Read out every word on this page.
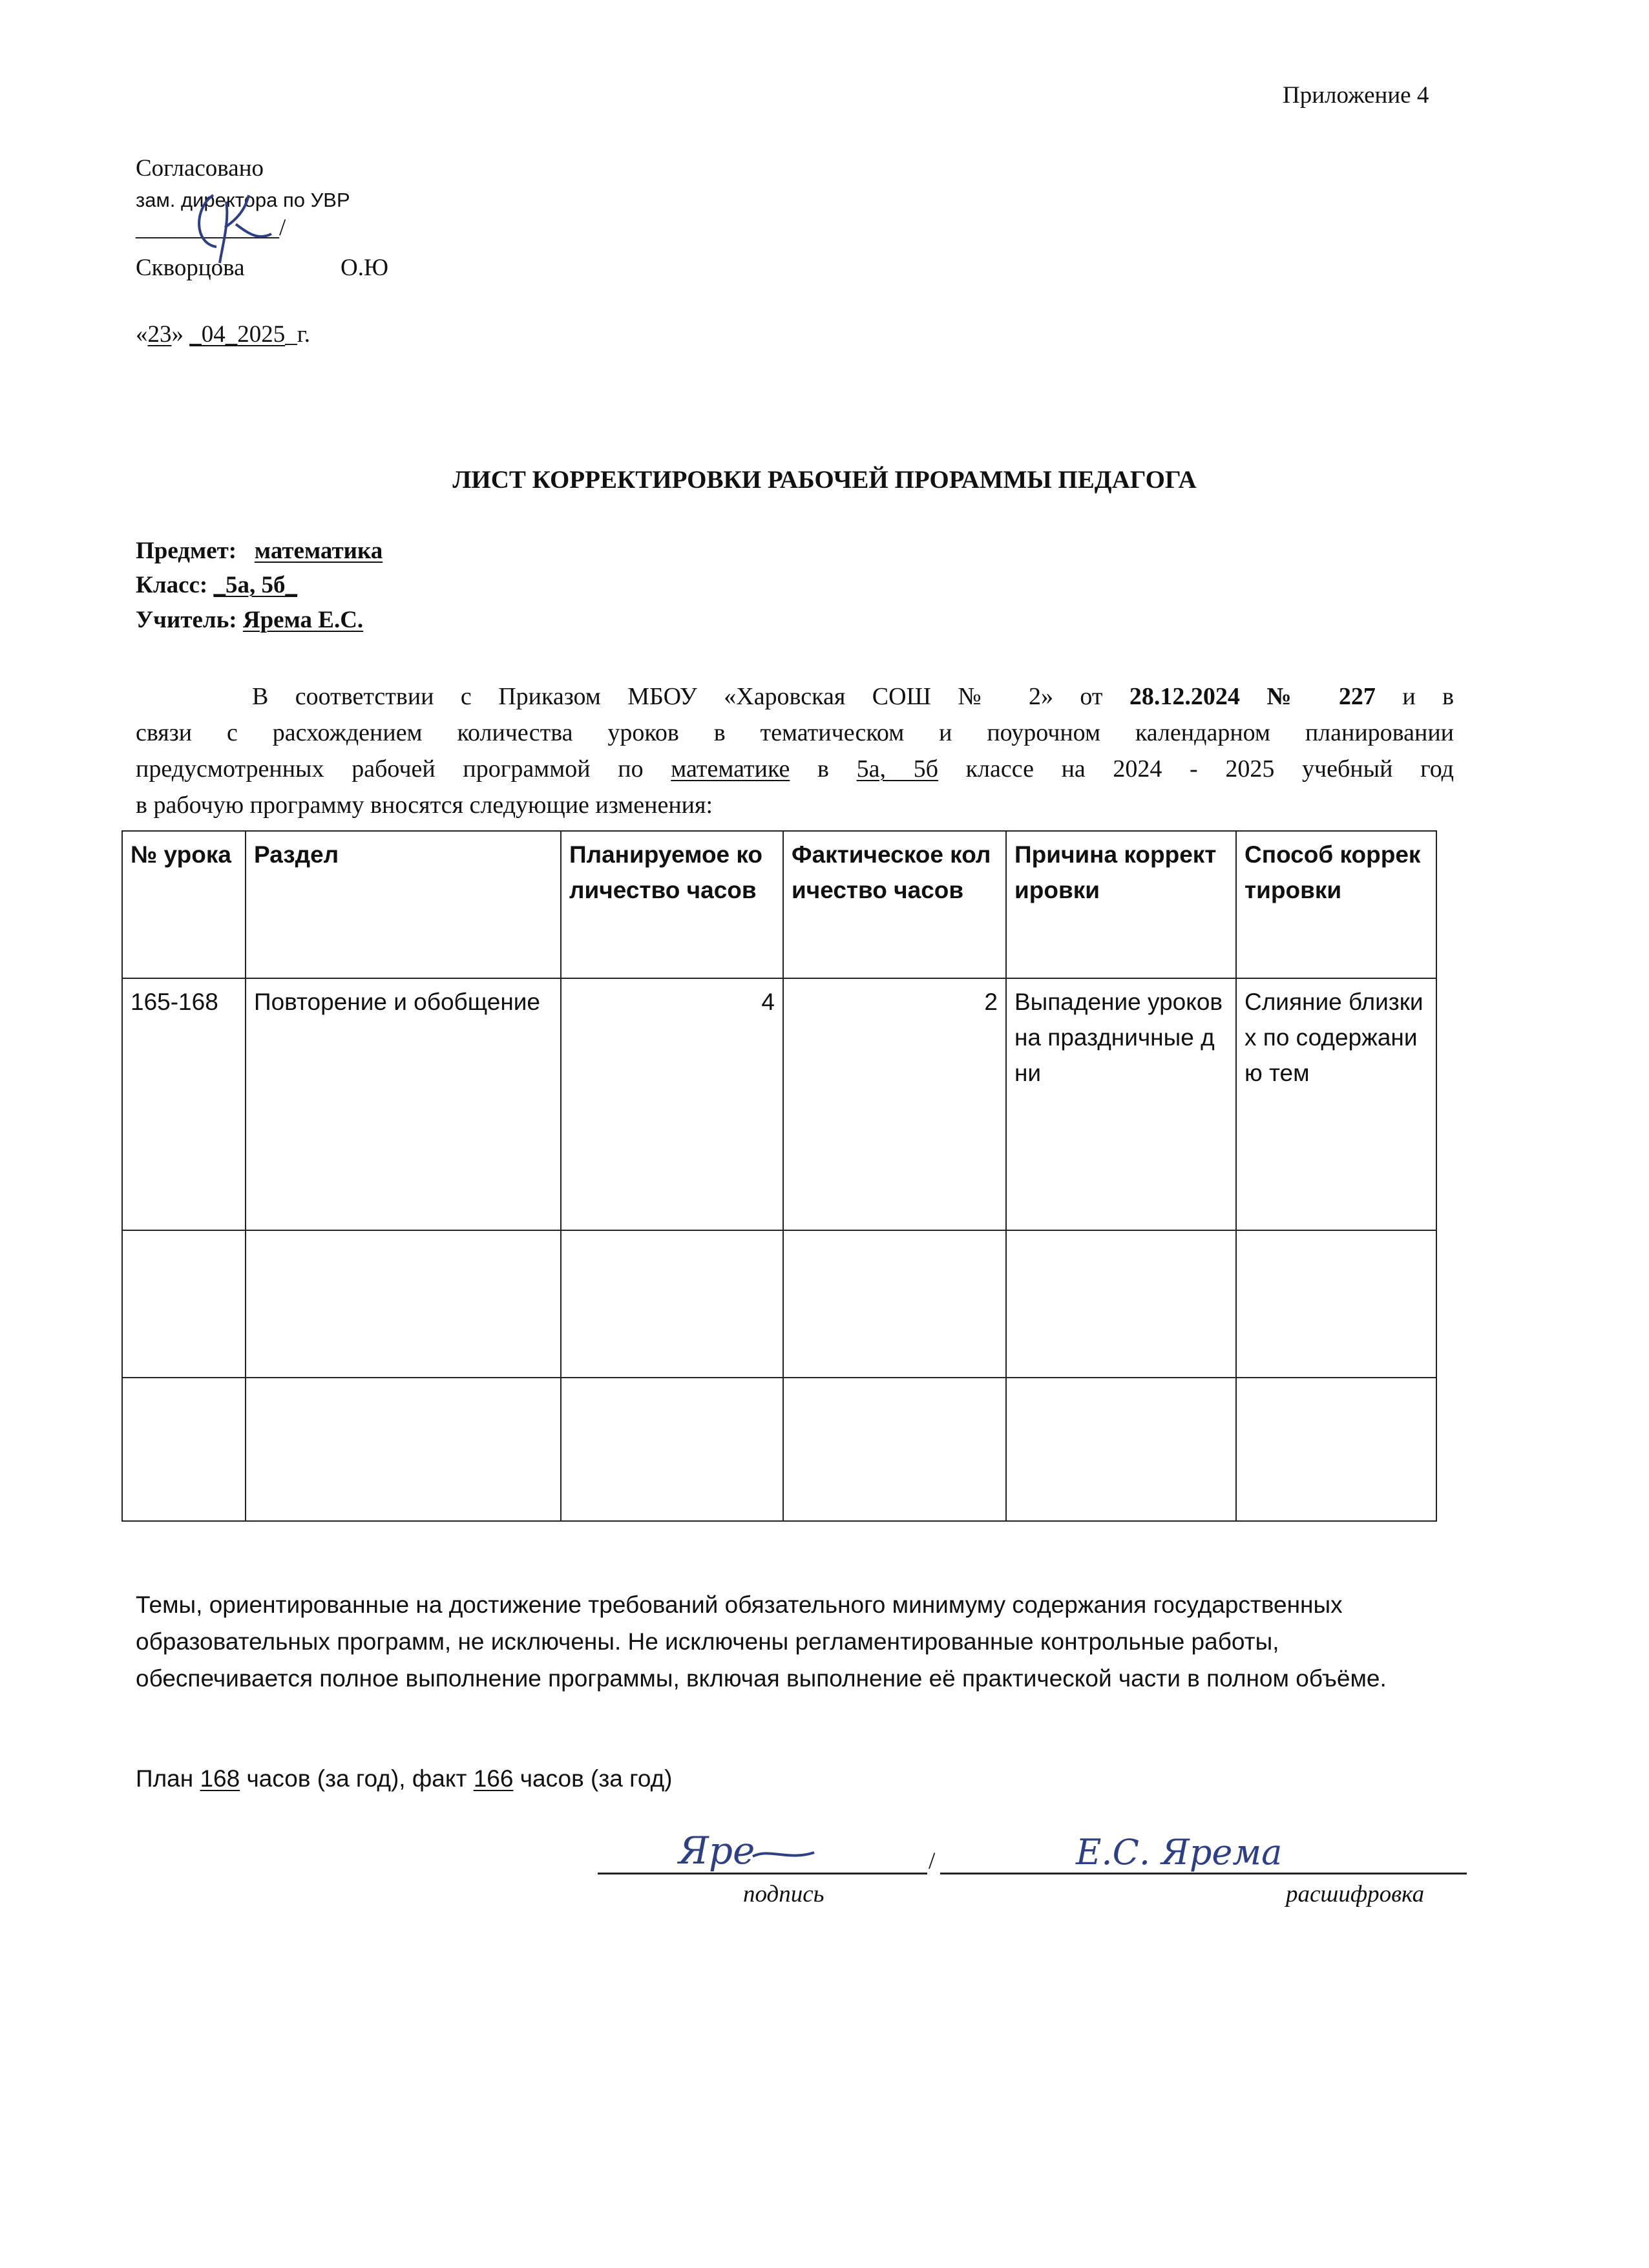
Приложение 4
Согласовано
зам. директора по УВР
____________/
Скворцова	О.Ю
«23» _04_2025_г.
ЛИСТ КОРРЕКТИРОВКИ РАБОЧЕЙ ПРОРАММЫ ПЕДАГОГА
Предмет: математика
Класс: _5а, 5б_
Учитель: Ярема Е.С.
В соответствии с Приказом МБОУ «Харовская СОШ № 2» от 28.12.2024 № 227 и в
связи с расхождением количества уроков в тематическом и поурочном календарном планировании
предусмотренных рабочей программой по математике в 5а, 5б классе на 2024 - 2025 учебный год
в рабочую программу вносятся следующие изменения:
№ урока	Раздел	Планируемое количество часов	Фактическое количество часов	Причина корректировки	Способ корректировки
165-168	Повторение и обобщение	4	2	Выпадение уроков на праздничные дни	Слияние близких по содержанию тем

Темы, ориентированные на достижение требований обязательного минимуму содержания государственных образовательных программ, не исключены. Не исключены регламентированные контрольные работы, обеспечивается полное выполнение программы, включая выполнение её практической части в полном объёме.
План 168 часов (за год), факт 166 часов (за год)
/
Яре	Е.С. Ярема
подпись	расшифровка
